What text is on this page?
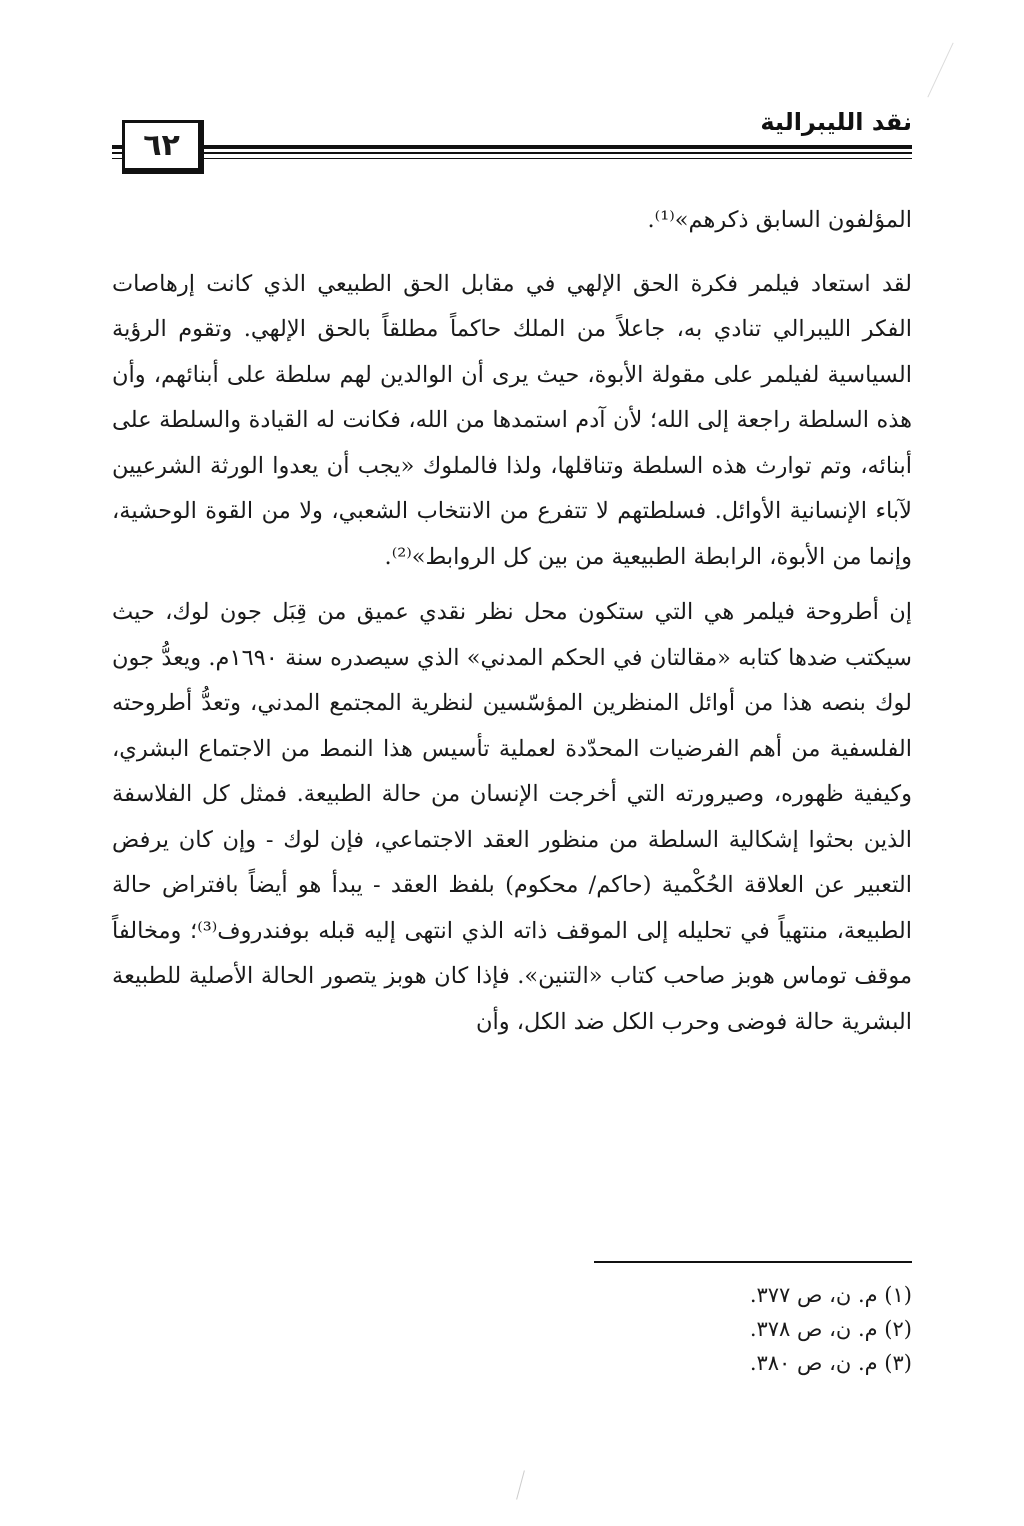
نقد الليبرالية
٦٢

المؤلفون السابق ذكرهم»⁽¹⁾.

لقد استعاد فيلمر فكرة الحق الإلهي في مقابل الحق الطبيعي الذي كانت إرهاصات الفكر الليبرالي تنادي به، جاعلاً من الملك حاكماً مطلقاً بالحق الإلهي. وتقوم الرؤية السياسية لفيلمر على مقولة الأبوة، حيث يرى أن الوالدين لهم سلطة على أبنائهم، وأن هذه السلطة راجعة إلى الله؛ لأن آدم استمدها من الله، فكانت له القيادة والسلطة على أبنائه، وتم توارث هذه السلطة وتناقلها، ولذا فالملوك «يجب أن يعدوا الورثة الشرعيين لآباء الإنسانية الأوائل. فسلطتهم لا تتفرع من الانتخاب الشعبي، ولا من القوة الوحشية، وإنما من الأبوة، الرابطة الطبيعية من بين كل الروابط»⁽²⁾.

إن أطروحة فيلمر هي التي ستكون محل نظر نقدي عميق من قِبَل جون لوك، حيث سيكتب ضدها كتابه «مقالتان في الحكم المدني» الذي سيصدره سنة ١٦٩٠م. ويعدُّ جون لوك بنصه هذا من أوائل المنظرين المؤسّسين لنظرية المجتمع المدني، وتعدُّ أطروحته الفلسفية من أهم الفرضيات المحدّدة لعملية تأسيس هذا النمط من الاجتماع البشري، وكيفية ظهوره، وصيرورته التي أخرجت الإنسان من حالة الطبيعة. فمثل كل الفلاسفة الذين بحثوا إشكالية السلطة من منظور العقد الاجتماعي، فإن لوك - وإن كان يرفض التعبير عن العلاقة الحُكْمية (حاكم/ محكوم) بلفظ العقد - يبدأ هو أيضاً بافتراض حالة الطبيعة، منتهياً في تحليله إلى الموقف ذاته الذي انتهى إليه قبله بوفندروف⁽³⁾؛ ومخالفاً موقف توماس هوبز صاحب كتاب «التنين». فإذا كان هوبز يتصور الحالة الأصلية للطبيعة البشرية حالة فوضى وحرب الكل ضد الكل، وأن

(١) م. ن، ص ٣٧٧.
(٢) م. ن، ص ٣٧٨.
(٣) م. ن، ص ٣٨٠.
